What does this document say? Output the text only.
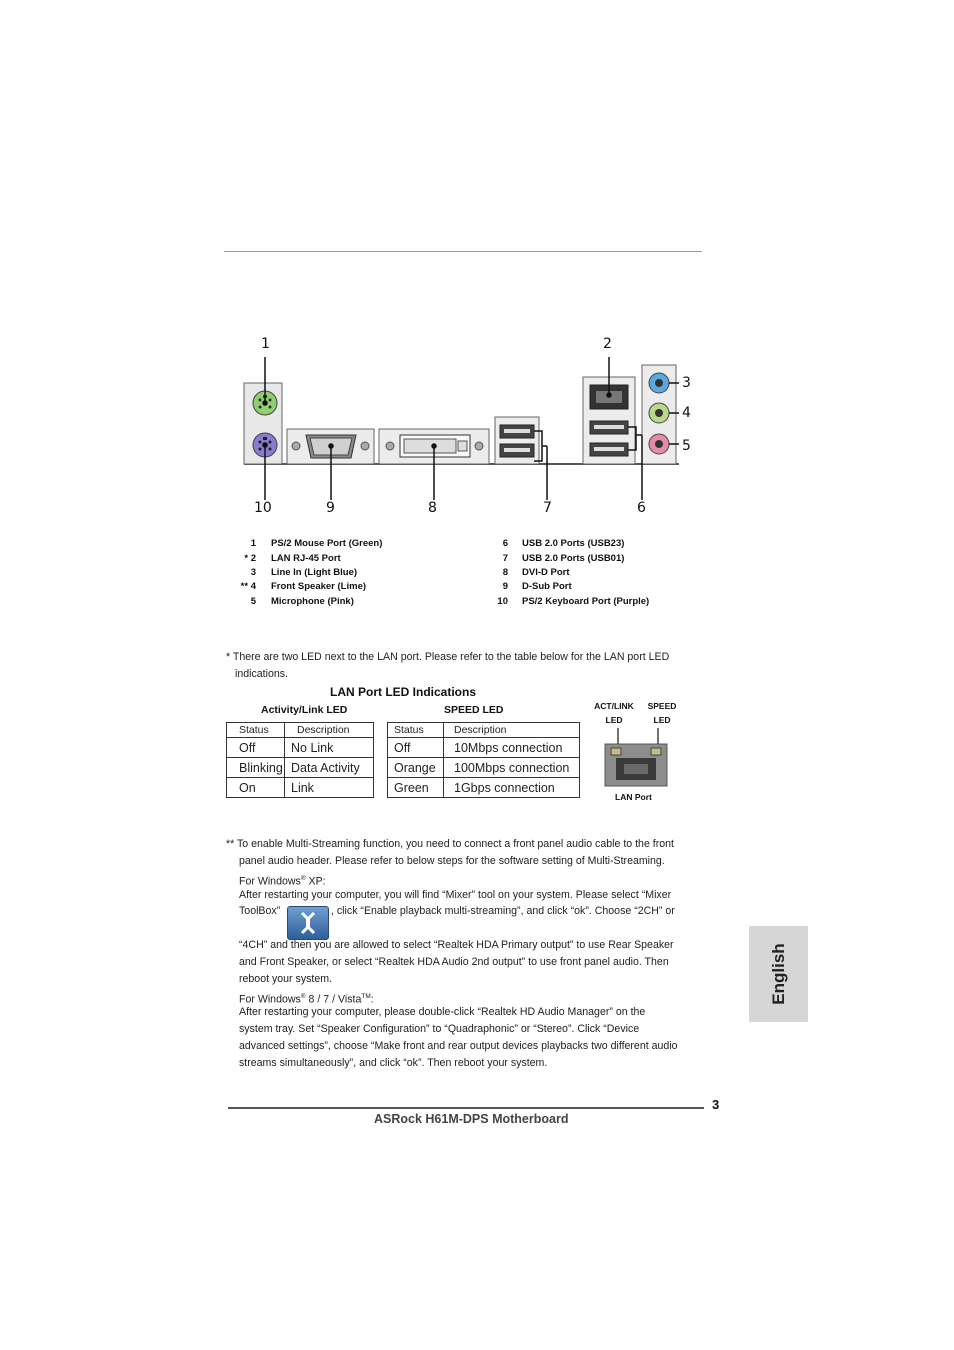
1	2
3
4
5
10	9	8	7	6
1 PS/2 Mouse Port (Green)
* 2 LAN RJ-45 Port
3 Line In (Light Blue)
** 4 Front Speaker (Lime)
5 Microphone (Pink)
6 USB 2.0 Ports (USB23)
7 USB 2.0 Ports (USB01)
8 DVI-D Port
9 D-Sub Port
10 PS/2 Keyboard Port (Purple)
* There are two LED next to the LAN port. Please refer to the table below for the LAN port LED
indications.
LAN Port LED Indications
Activity/Link LED	SPEED LED
Status	Description
Off	No Link
Blinking	Data Activity
On	Link
Status	Description
Off	10Mbps connection
Orange	100Mbps connection
Green	1Gbps connection
ACT/LINK
LED
SPEED
LED
LAN Port
** To enable Multi-Streaming function, you need to connect a front panel audio cable to the front
panel audio header. Please refer to below steps for the software setting of Multi-Streaming.
For Windows® XP:
After restarting your computer, you will find “Mixer” tool on your system. Please select “Mixer
ToolBox”	, click “Enable playback multi-streaming”, and click “ok”. Choose “2CH” or
“4CH” and then you are allowed to select “Realtek HDA Primary output” to use Rear Speaker
and Front Speaker, or select “Realtek HDA Audio 2nd output” to use front panel audio. Then
reboot your system.
For Windows® 8 / 7 / Vista™:
After restarting your computer, please double-click “Realtek HD Audio Manager” on the
system tray. Set “Speaker Configuration” to “Quadraphonic” or “Stereo”. Click “Device
advanced settings”, choose “Make front and rear output devices playbacks two different audio
streams simultaneously”, and click “ok”. Then reboot your system.
English
3
ASRock H61M-DPS Motherboard
